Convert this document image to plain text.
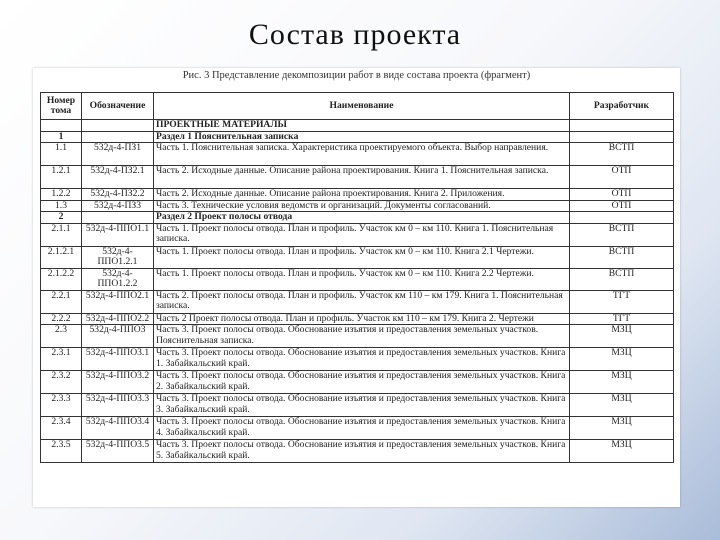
Состав проекта
Рис. 3 Представление декомпозиции работ в виде состава проекта (фрагмент)
Номер тома	Обозначение	Наименование	Разработчик
		ПРОЕКТНЫЕ МАТЕРИАЛЫ	
1		Раздел 1 Пояснительная записка	
1.1	532д-4-ПЗ1	Часть 1. Пояснительная записка. Характеристика проектируемого объекта. Выбор направления.	ВСТП
1.2.1	532д-4-ПЗ2.1	Часть 2. Исходные данные. Описание района проектирования. Книга 1. Пояснительная записка.	ОТП
1.2.2	532д-4-ПЗ2.2	Часть 2. Исходные данные. Описание района проектирования. Книга 2. Приложения.	ОТП
1.3	532д-4-ПЗ3	Часть 3. Технические условия ведомств и организаций. Документы согласований.	ОТП
2		Раздел 2 Проект полосы отвода	
2.1.1	532д-4-ППО1.1	Часть 1. Проект полосы отвода. План и профиль. Участок км 0 – км 110. Книга 1. Пояснительная записка.	ВСТП
2.1.2.1	532д-4-ППО1.2.1	Часть 1. Проект полосы отвода. План и профиль. Участок км 0 – км 110. Книга 2.1 Чертежи.	ВСТП
2.1.2.2	532д-4-ППО1.2.2	Часть 1. Проект полосы отвода. План и профиль. Участок км 0 – км 110. Книга 2.2 Чертежи.	ВСТП
2.2.1	532д-4-ППО2.1	Часть 2. Проект полосы отвода. План и профиль. Участок км 110 – км 179. Книга 1. Пояснительная записка.	ТГТ
2.2.2	532д-4-ППО2.2	Часть 2 Проект полосы отвода. План и профиль. Участок км 110 – км 179. Книга 2. Чертежи	ТГТ
2.3	532д-4-ППО3	Часть 3. Проект полосы отвода. Обоснование изъятия и предоставления земельных участков. Пояснительная записка.	МЗЦ
2.3.1	532д-4-ППО3.1	Часть 3. Проект полосы отвода. Обоснование изъятия и предоставления земельных участков. Книга 1. Забайкальский край.	МЗЦ
2.3.2	532д-4-ППО3.2	Часть 3. Проект полосы отвода. Обоснование изъятия и предоставления земельных участков. Книга 2. Забайкальский край.	МЗЦ
2.3.3	532д-4-ППО3.3	Часть 3. Проект полосы отвода. Обоснование изъятия и предоставления земельных участков. Книга 3. Забайкальский край.	МЗЦ
2.3.4	532д-4-ППО3.4	Часть 3. Проект полосы отвода. Обоснование изъятия и предоставления земельных участков. Книга 4. Забайкальский край.	МЗЦ
2.3.5	532д-4-ППО3.5	Часть 3. Проект полосы отвода. Обоснование изъятия и предоставления земельных участков. Книга 5. Забайкальский край.	МЗЦ
